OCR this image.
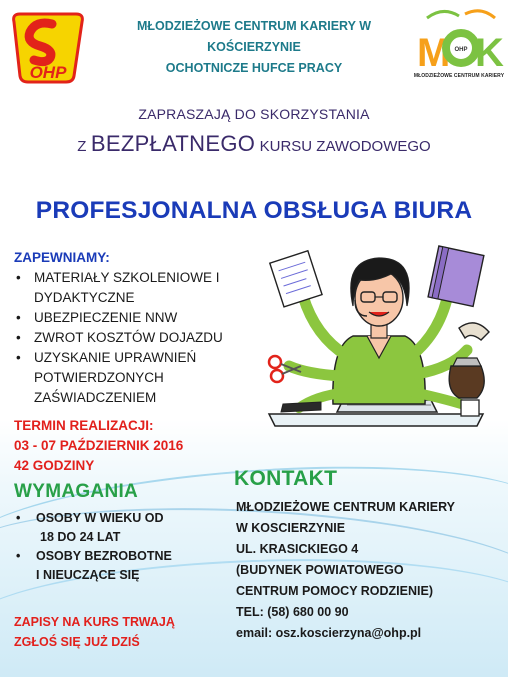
OHP	M OHP K
MŁODZIEŻOWE CENTRUM KARIERY
MŁODZIEŻOWE CENTRUM KARIERY W
KOŚCIERZYNIE
OCHOTNICZE HUFCE PRACY
ZAPRASZAJĄ DO SKORZYSTANIA
Z BEZPŁATNEGO KURSU ZAWODOWEGO
PROFESJONALNA OBSŁUGA BIURA
ZAPEWNIAMY:
• MATERIAŁY SZKOLENIOWE I
DYDAKTYCZNE
• UBEZPIECZENIE NNW
• ZWROT KOSZTÓW DOJAZDU
• UZYSKANIE UPRAWNIEŃ
POTWIERDZONYCH
ZAŚWIADCZENIEM
TERMIN REALIZACJI:
03 - 07 PAŹDZIERNIK 2016
42 GODZINY
WYMAGANIA
• OSOBY W WIEKU OD
18 DO 24 LAT
• OSOBY BEZROBOTNE
I NIEUCZĄCE SIĘ
ZAPISY NA KURS TRWAJĄ
ZGŁOŚ SIĘ JUŻ DZIŚ
KONTAKT
MŁODZIEŻOWE CENTRUM KARIERY
W KOSCIERZYNIE
UL. KRASICKIEGO 4
(BUDYNEK POWIATOWEGO
CENTRUM POMOCY RODZIENIE)
TEL: (58) 680 00 90
email: osz.koscierzyna@ohp.pl
